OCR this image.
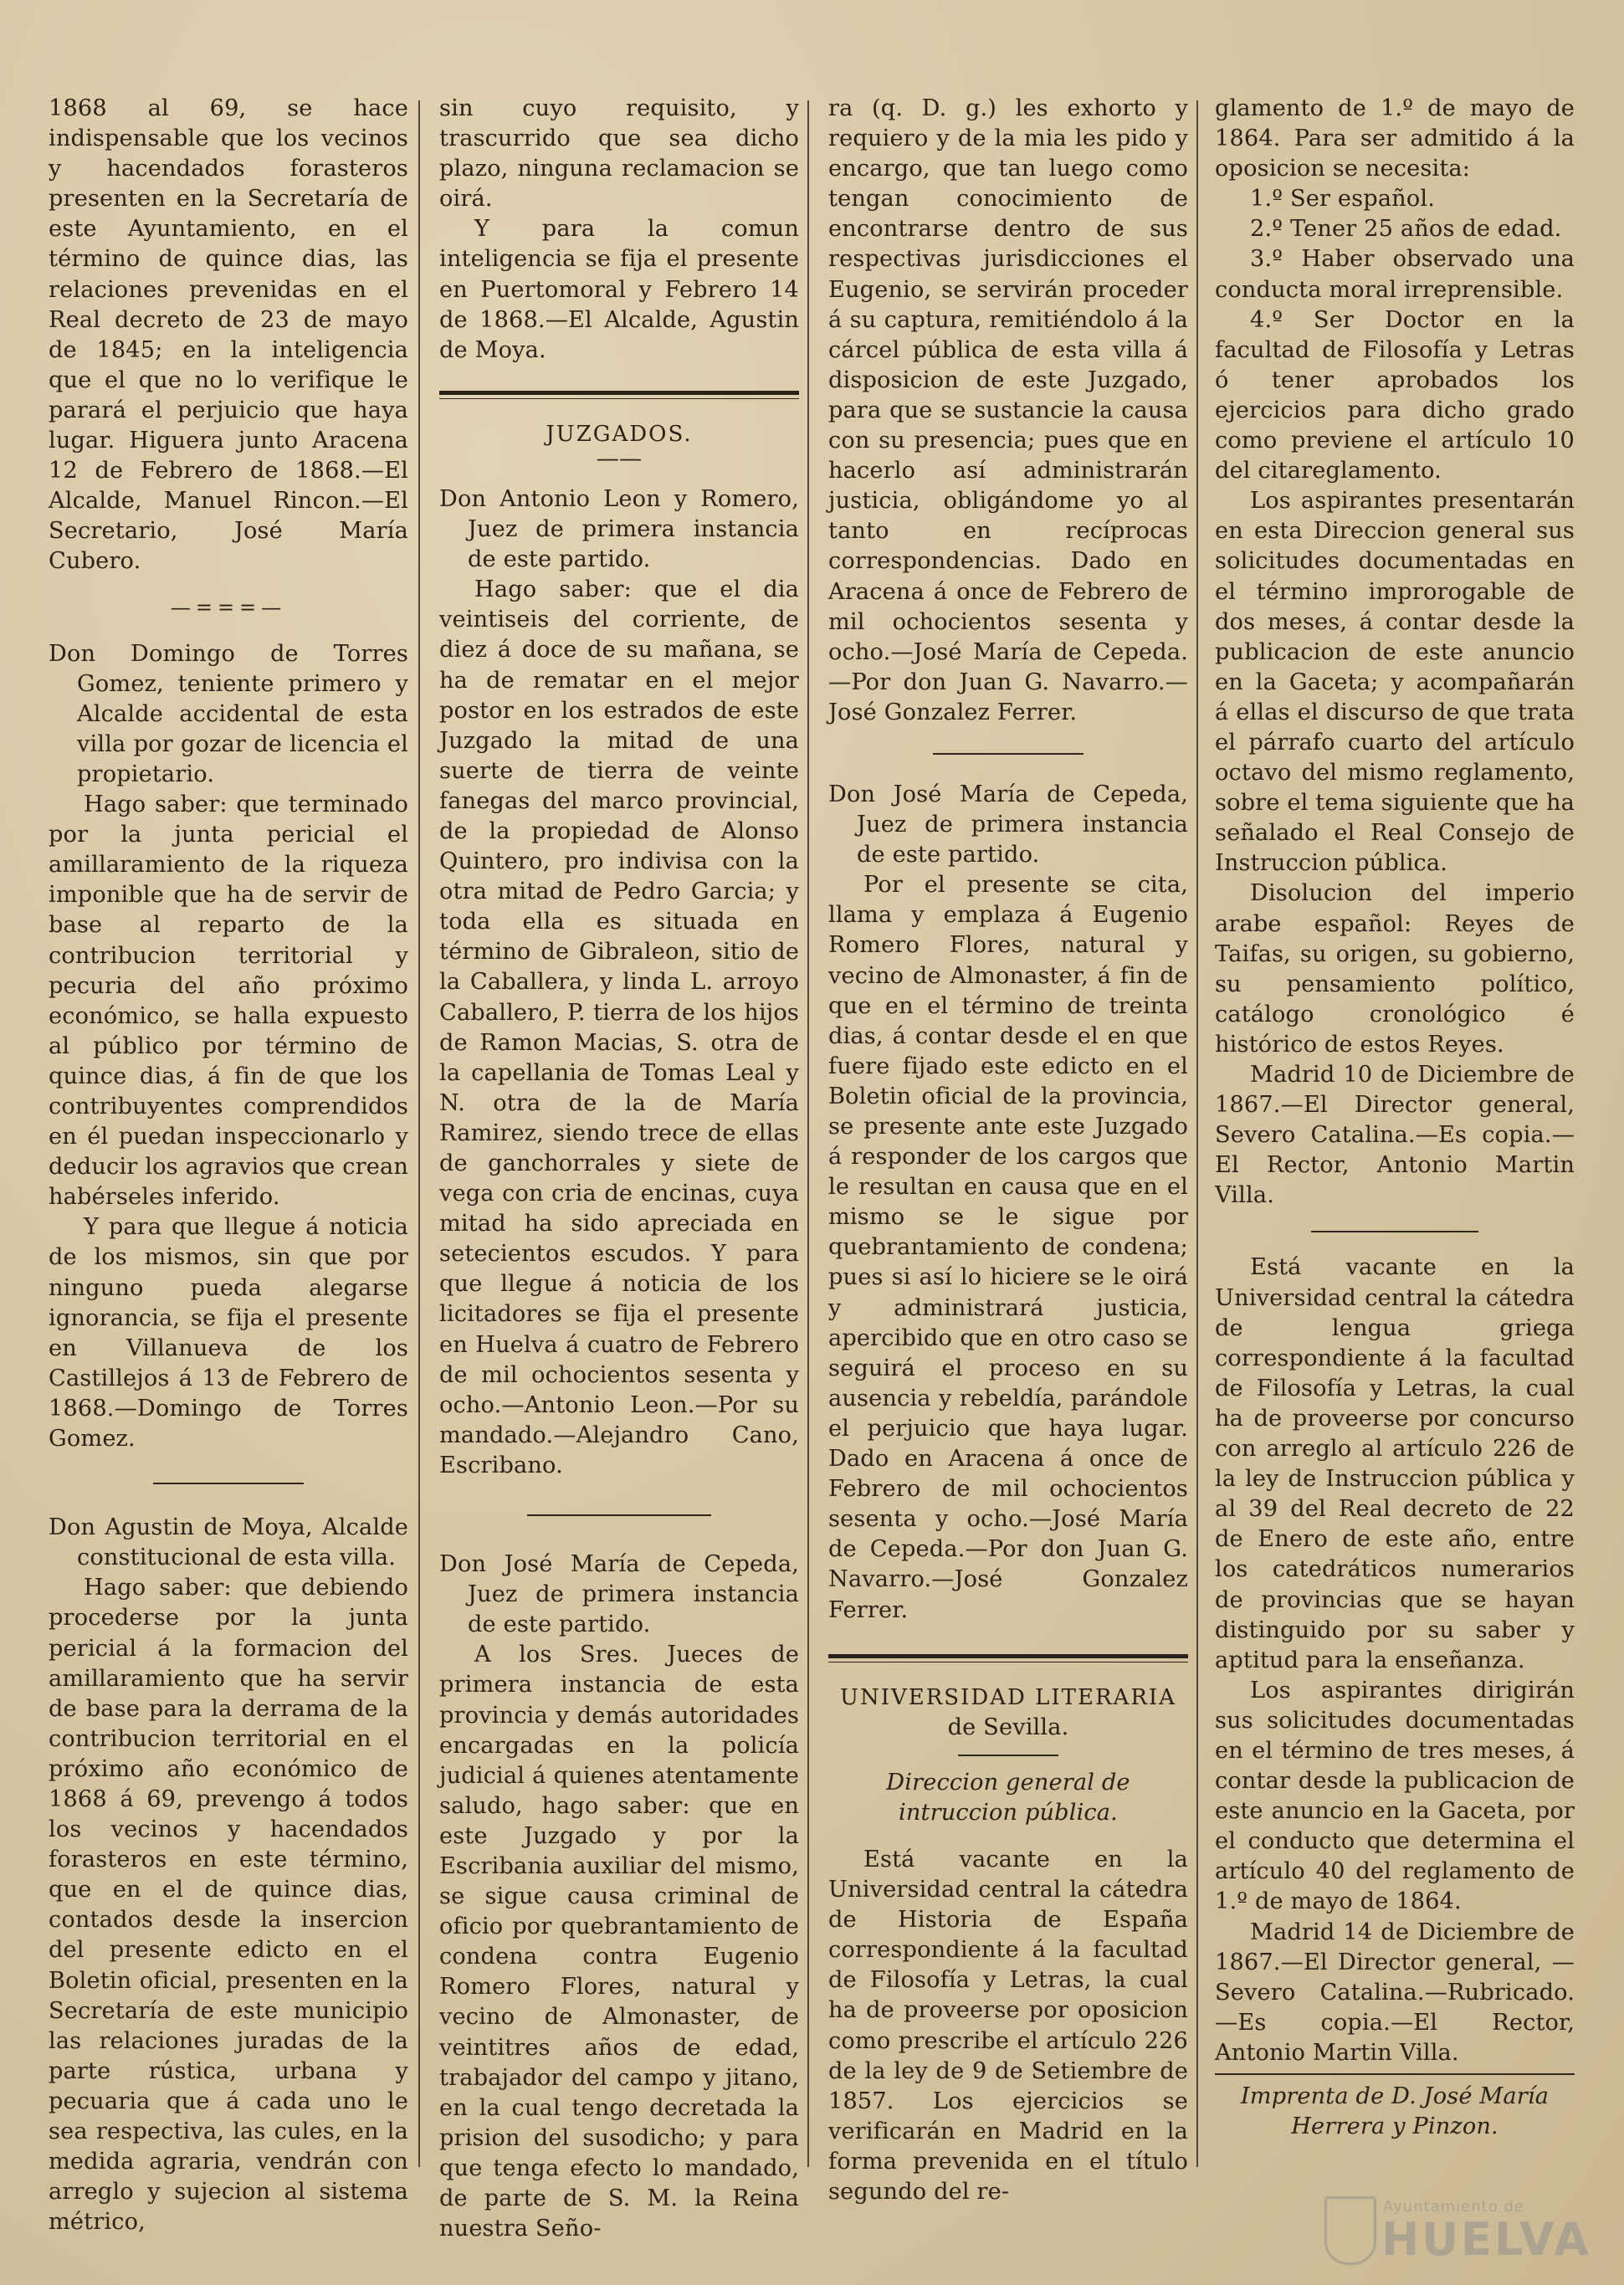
1868 al 69, se hace indispensable que los vecinos y hacendados forasteros presenten en la Secretaría de este Ayuntamiento, en el término de quince dias, las relaciones prevenidas en el Real decreto de 23 de mayo de 1845; en la inteligencia que el que no lo verifique le parará el perjuicio que haya lugar. Higuera junto Aracena 12 de Febrero de 1868.—El Alcalde, Manuel Rincon.—El Secretario, José María Cubero.

—===—

Don Domingo de Torres Gomez, teniente primero y Alcalde accidental de esta villa por gozar de licencia el propietario.

Hago saber: que terminado por la junta pericial el amillaramiento de la riqueza imponible que ha de servir de base al reparto de la contribucion territorial y pecuria del año próximo económico, se halla expuesto al público por término de quince dias, á fin de que los contribuyentes comprendidos en él puedan inspeccionarlo y deducir los agravios que crean habérseles inferido.

Y para que llegue á noticia de los mismos, sin que por ninguno pueda alegarse ignorancia, se fija el presente en Villanueva de los Castillejos á 13 de Febrero de 1868.—Domingo de Torres Gomez.

Don Agustin de Moya, Alcalde constitucional de esta villa.

Hago saber: que debiendo procederse por la junta pericial á la formacion del amillaramiento que ha servir de base para la derrama de la contribucion territorial en el próximo año económico de 1868 á 69, prevengo á todos los vecinos y hacendados forasteros en este término, que en el de quince dias, contados desde la insercion del presente edicto en el Boletin oficial, presenten en la Secretaría de este municipio las relaciones juradas de la parte rústica, urbana y pecuaria que á cada uno le sea respectiva, las cules, en la medida agraria, vendrán con arreglo y sujecion al sistema métrico,

sin cuyo requisito, y trascurrido que sea dicho plazo, ninguna reclamacion se oirá.

Y para la comun inteligencia se fija el presente en Puertomoral y Febrero 14 de 1868.—El Alcalde, Agustin de Moya.

JUZGADOS.

——

Don Antonio Leon y Romero, Juez de primera instancia de este partido.

Hago saber: que el dia veintiseis del corriente, de diez á doce de su mañana, se ha de rematar en el mejor postor en los estrados de este Juzgado la mitad de una suerte de tierra de veinte fanegas del marco provincial, de la propiedad de Alonso Quintero, pro indivisa con la otra mitad de Pedro Garcia; y toda ella es situada en término de Gibraleon, sitio de la Caballera, y linda L. arroyo Caballero, P. tierra de los hijos de Ramon Macias, S. otra de la capellania de Tomas Leal y N. otra de la de María Ramirez, siendo trece de ellas de ganchorrales y siete de vega con cria de encinas, cuya mitad ha sido apreciada en setecientos escudos. Y para que llegue á noticia de los licitadores se fija el presente en Huelva á cuatro de Febrero de mil ochocientos sesenta y ocho.—Antonio Leon.—Por su mandado.—Alejandro Cano, Escribano.

Don José María de Cepeda, Juez de primera instancia de este partido.

A los Sres. Jueces de primera instancia de esta provincia y demás autoridades encargadas en la policía judicial á quienes atentamente saludo, hago saber: que en este Juzgado y por la Escribania auxiliar del mismo, se sigue causa criminal de oficio por quebrantamiento de condena contra Eugenio Romero Flores, natural y vecino de Almonaster, de veintitres años de edad, trabajador del campo y jitano, en la cual tengo decretada la prision del susodicho; y para que tenga efecto lo mandado, de parte de S. M. la Reina nuestra Seño-

ra (q. D. g.) les exhorto y requiero y de la mia les pido y encargo, que tan luego como tengan conocimiento de encontrarse dentro de sus respectivas jurisdicciones el Eugenio, se servirán proceder á su captura, remitiéndolo á la cárcel pública de esta villa á disposicion de este Juzgado, para que se sustancie la causa con su presencia; pues que en hacerlo así administrarán justicia, obligándome yo al tanto en recíprocas correspondencias. Dado en Aracena á once de Febrero de mil ochocientos sesenta y ocho.—José María de Cepeda.—Por don Juan G. Navarro.—José Gonzalez Ferrer.

Don José María de Cepeda, Juez de primera instancia de este partido.

Por el presente se cita, llama y emplaza á Eugenio Romero Flores, natural y vecino de Almonaster, á fin de que en el término de treinta dias, á contar desde el en que fuere fijado este edicto en el Boletin oficial de la provincia, se presente ante este Juzgado á responder de los cargos que le resultan en causa que en el mismo se le sigue por quebrantamiento de condena; pues si así lo hiciere se le oirá y administrará justicia, apercibido que en otro caso se seguirá el proceso en su ausencia y rebeldía, parándole el perjuicio que haya lugar. Dado en Aracena á once de Febrero de mil ochocientos sesenta y ocho.—José María de Cepeda.—Por don Juan G. Navarro.—José Gonzalez Ferrer.

UNIVERSIDAD LITERARIA

de Sevilla.

Direccion general de intruccion pública.

Está vacante en la Universidad central la cátedra de Historia de España correspondiente á la facultad de Filosofía y Letras, la cual ha de proveerse por oposicion como prescribe el artículo 226 de la ley de 9 de Setiembre de 1857. Los ejercicios se verificarán en Madrid en la forma prevenida en el título segundo del re-

glamento de 1.º de mayo de 1864. Para ser admitido á la oposicion se necesita:

1.º Ser español.

2.º Tener 25 años de edad.

3.º Haber observado una conducta moral irreprensible.

4.º Ser Doctor en la facultad de Filosofía y Letras ó tener aprobados los ejercicios para dicho grado como previene el artículo 10 del citareglamento.

Los aspirantes presentarán en esta Direccion general sus solicitudes documentadas en el término improrogable de dos meses, á contar desde la publicacion de este anuncio en la Gaceta; y acompañarán á ellas el discurso de que trata el párrafo cuarto del artículo octavo del mismo reglamento, sobre el tema siguiente que ha señalado el Real Consejo de Instruccion pública.

Disolucion del imperio arabe español: Reyes de Taifas, su origen, su gobierno, su pensamiento político, catálogo cronológico é histórico de estos Reyes.

Madrid 10 de Diciembre de 1867.—El Director general, Severo Catalina.—Es copia.—El Rector, Antonio Martin Villa.

Está vacante en la Universidad central la cátedra de lengua griega correspondiente á la facultad de Filosofía y Letras, la cual ha de proveerse por concurso con arreglo al artículo 226 de la ley de Instruccion pública y al 39 del Real decreto de 22 de Enero de este año, entre los catedráticos numerarios de provincias que se hayan distinguido por su saber y aptitud para la enseñanza.

Los aspirantes dirigirán sus solicitudes documentadas en el término de tres meses, á contar desde la publicacion de este anuncio en la Gaceta, por el conducto que determina el artículo 40 del reglamento de 1.º de mayo de 1864.

Madrid 14 de Diciembre de 1867.—El Director general, —Severo Catalina.—Rubricado.—Es copia.—El Rector, Antonio Martin Villa.

Imprenta de D. José María Herrera y Pinzon.

Ayuntamiento de
HUELVA
